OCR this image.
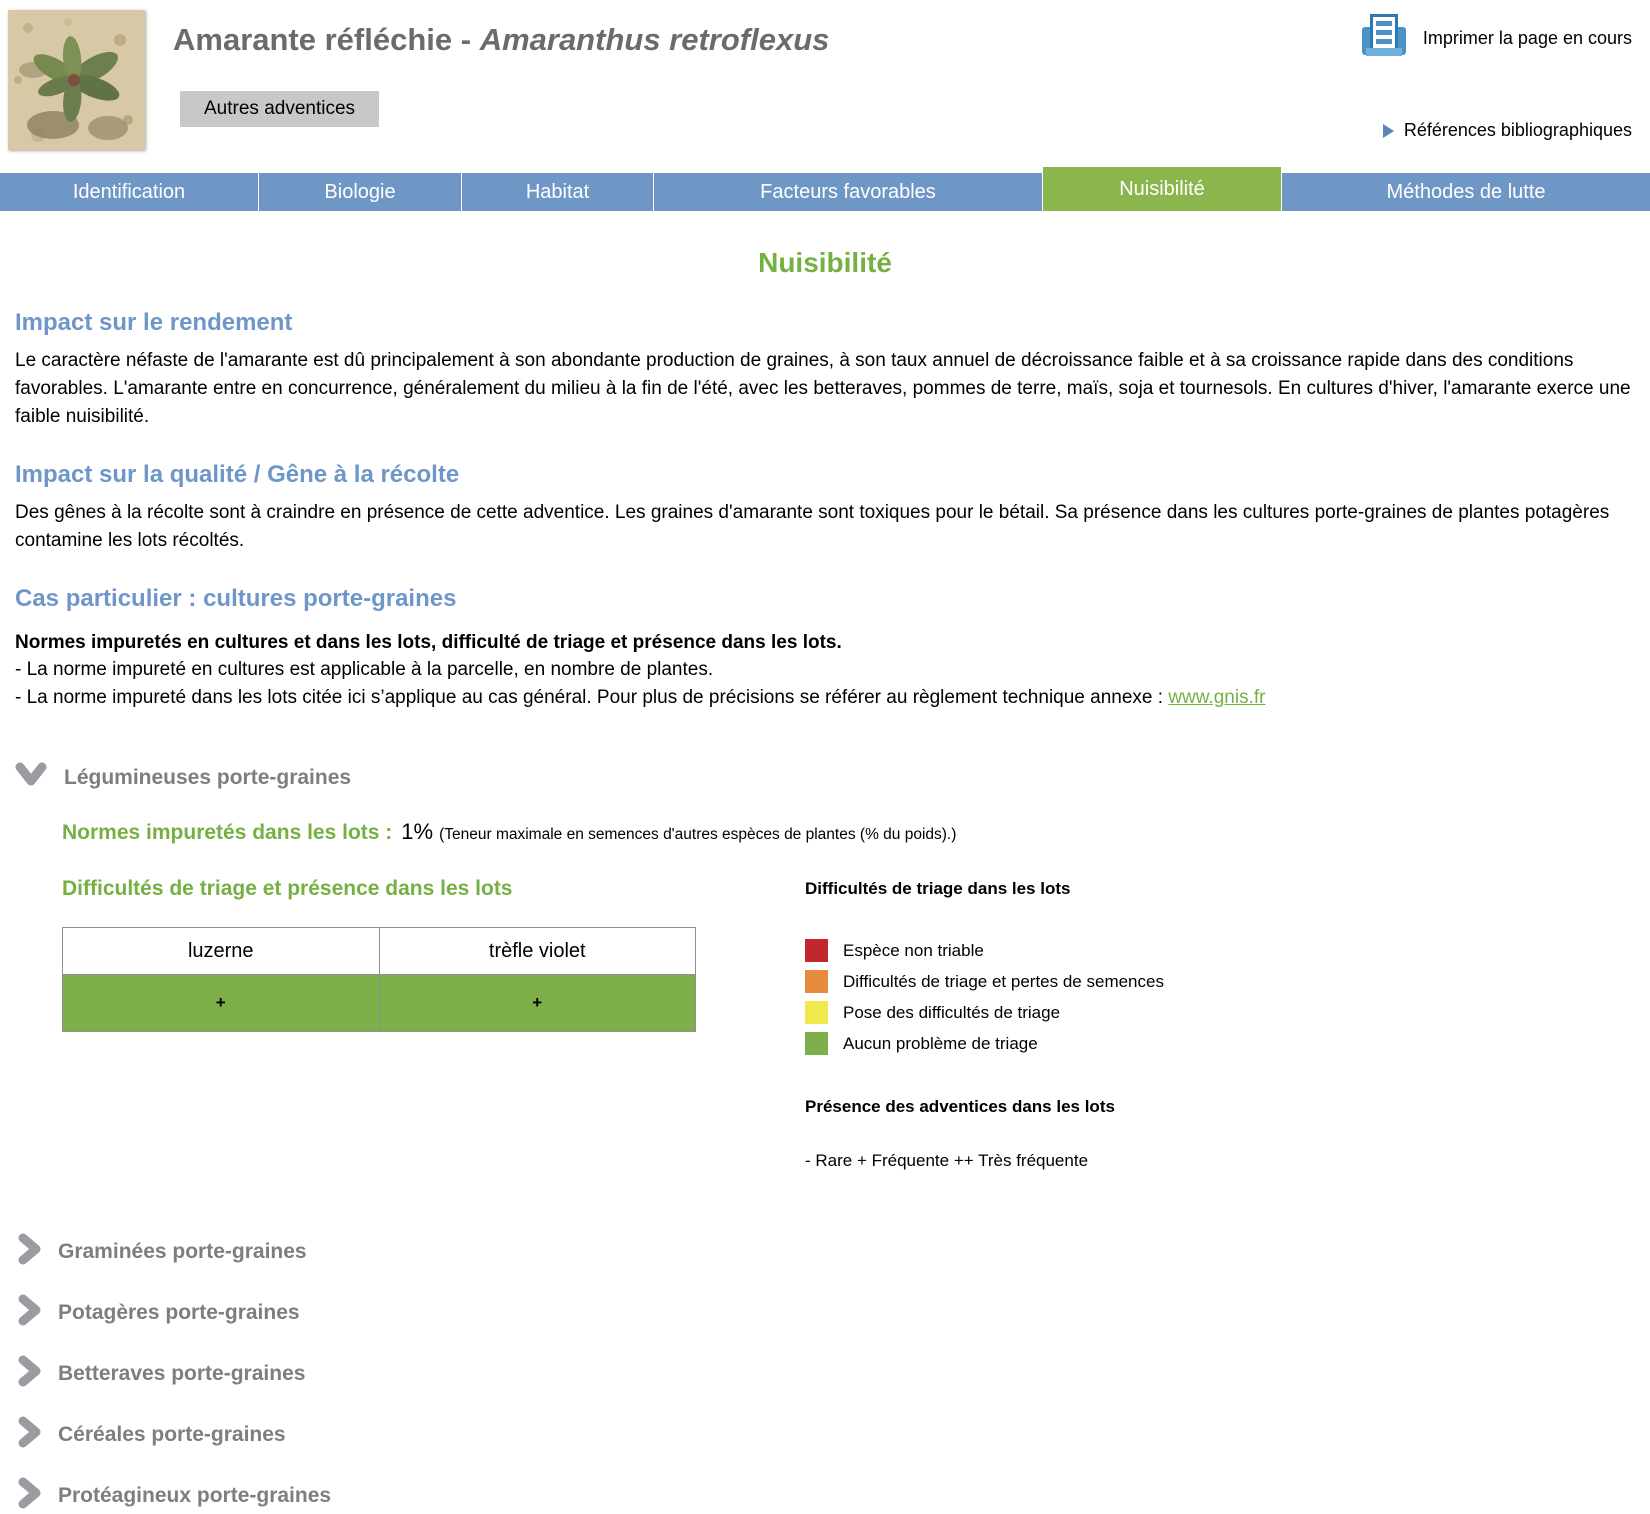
Amarante réfléchie - Amaranthus retroflexus
Autres adventices
Imprimer la page en cours
Références bibliographiques
Identification	Biologie	Habitat	Facteurs favorables	Nuisibilité	Méthodes de lutte
Nuisibilité
Impact sur le rendement

Le caractère néfaste de l'amarante est dû principalement à son abondante production de graines, à son taux annuel de décroissance faible et à sa croissance rapide dans des conditions favorables. L'amarante entre en concurrence, généralement du milieu à la fin de l'été, avec les betteraves, pommes de terre, maïs, soja et tournesols. En cultures d'hiver, l'amarante exerce une faible nuisibilité.

Impact sur la qualité / Gêne à la récolte

Des gênes à la récolte sont à craindre en présence de cette adventice. Les graines d'amarante sont toxiques pour le bétail. Sa présence dans les cultures porte-graines de plantes potagères contamine les lots récoltés.

Cas particulier : cultures porte-graines

Normes impuretés en cultures et dans les lots, difficulté de triage et présence dans les lots.

- La norme impureté en cultures est applicable à la parcelle, en nombre de plantes.

- La norme impureté dans les lots citée ici s’applique au cas général. Pour plus de précisions se référer au règlement technique annexe : www.gnis.fr

Légumineuses porte-graines
Normes impuretés dans les lots : 1% (Teneur maximale en semences d'autres espèces de plantes (% du poids).)
Difficultés de triage et présence dans les lots
luzerne	trèfle violet
+	+
Difficultés de triage dans les lots
Espèce non triable
Difficultés de triage et pertes de semences
Pose des difficultés de triage
Aucun problème de triage
Présence des adventices dans les lots
- Rare + Fréquente ++ Très fréquente
Graminées porte-graines
Potagères porte-graines
Betteraves porte-graines
Céréales porte-graines
Protéagineux porte-graines
